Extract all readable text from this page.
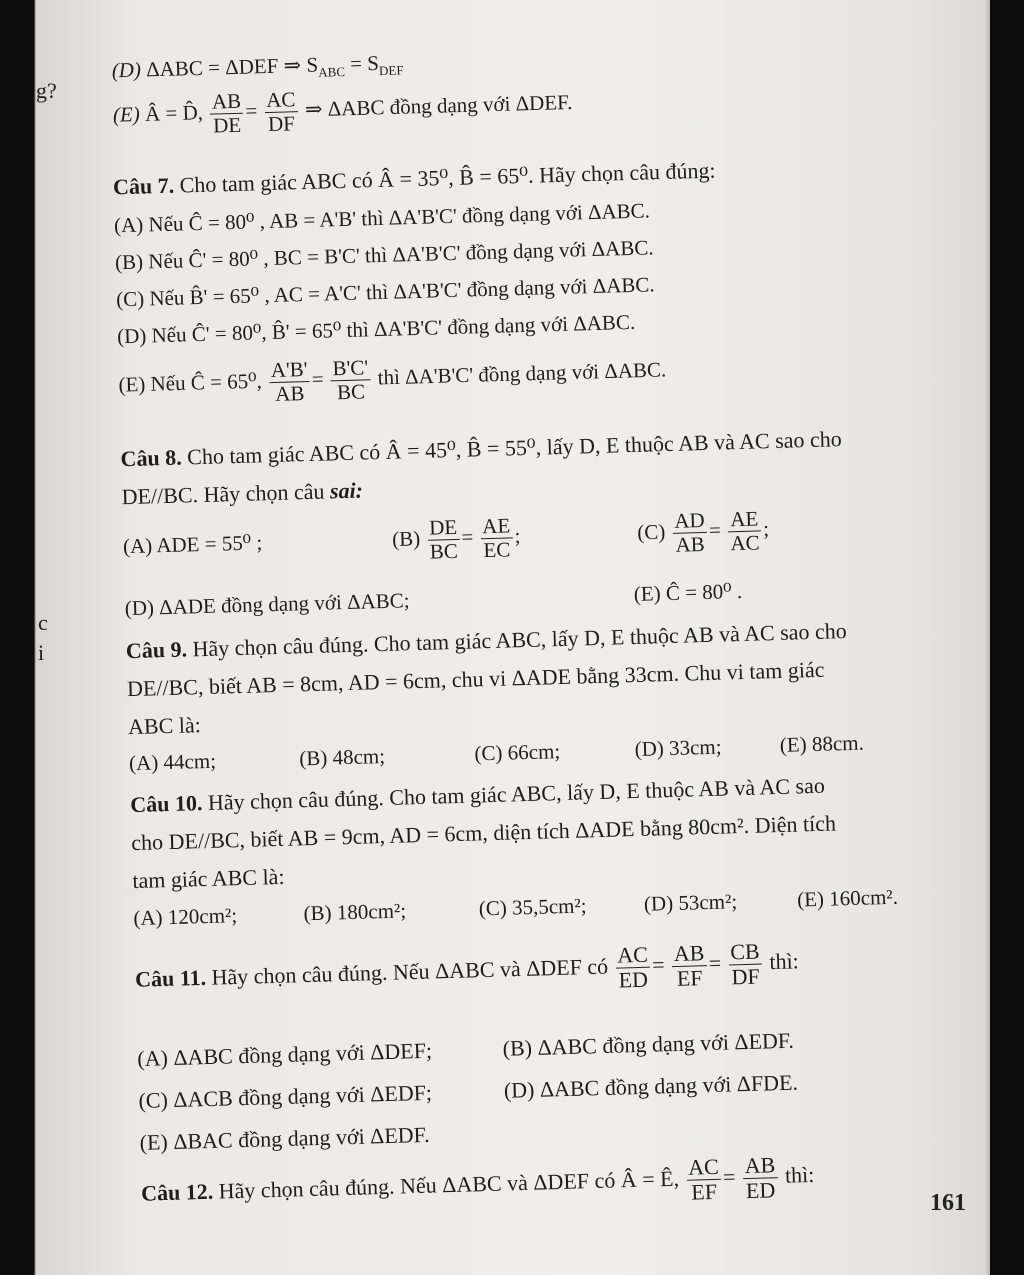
g?
c
i
(D) ΔABC = ΔDEF ⇒ $S_{ABC} = S_{DEF}$
(E) Â = D̂, $\frac{AB}{DE} = \frac{AC}{DF}$ ⇒ ΔABC đồng dạng với ΔDEF.
Câu 7. Cho tam giác ABC có Â = 35⁰, B̂ = 65⁰. Hãy chọn câu đúng:
(A) Nếu Ĉ = 80⁰ , AB = A'B' thì ΔA'B'C' đồng dạng với ΔABC.
(B) Nếu Ĉ' = 80⁰ , BC = B'C' thì ΔA'B'C' đồng dạng với ΔABC.
(C) Nếu B̂' = 65⁰ , AC = A'C' thì ΔA'B'C' đồng dạng với ΔABC.
(D) Nếu Ĉ' = 80⁰, B̂' = 65⁰ thì ΔA'B'C' đồng dạng với ΔABC.
(E) Nếu Ĉ = 65⁰, $\frac{A'B'}{AB} = \frac{B'C'}{BC}$ thì ΔA'B'C' đồng dạng với ΔABC.
Câu 8. Cho tam giác ABC có Â = 45⁰, B̂ = 55⁰, lấy D, E thuộc AB và AC sao cho
DE//BC. Hãy chọn câu sai:
(A) ADE = 55⁰ ;	$(B) \frac{DE}{BC} = \frac{AE}{EC}$ ;	$(C) \frac{AD}{AB} = \frac{AE}{AC}$ ;
(D) ΔADE đồng dạng với ΔABC;	(E) Ĉ = 80⁰ .
Câu 9. Hãy chọn câu đúng. Cho tam giác ABC, lấy D, E thuộc AB và AC sao cho
DE//BC, biết AB = 8cm, AD = 6cm, chu vi ΔADE bằng 33cm. Chu vi tam giác
ABC là:
(A) 44cm;	(B) 48cm;	(C) 66cm;	(D) 33cm;	(E) 88cm.
Câu 10. Hãy chọn câu đúng. Cho tam giác ABC, lấy D, E thuộc AB và AC sao
cho DE//BC, biết AB = 9cm, AD = 6cm, diện tích ΔADE bằng 80cm². Diện tích
tam giác ABC là:
(A) 120cm²;	(B) 180cm²;	(C) 35,5cm²;	(D) 53cm²;	(E) 160cm².
Câu 11. Hãy chọn câu đúng. Nếu ΔABC và ΔDEF có $\frac{AC}{ED} = \frac{AB}{EF} = \frac{CB}{DF}$ thì:
(A) ΔABC đồng dạng với ΔDEF;	(B) ΔABC đồng dạng với ΔEDF.
(C) ΔACB đồng dạng với ΔEDF;	(D) ΔABC đồng dạng với ΔFDE.
(E) ΔBAC đồng dạng với ΔEDF.
Câu 12. Hãy chọn câu đúng. Nếu ΔABC và ΔDEF có Â = Ê, $\frac{AC}{EF} = \frac{AB}{ED}$ thì:
161
